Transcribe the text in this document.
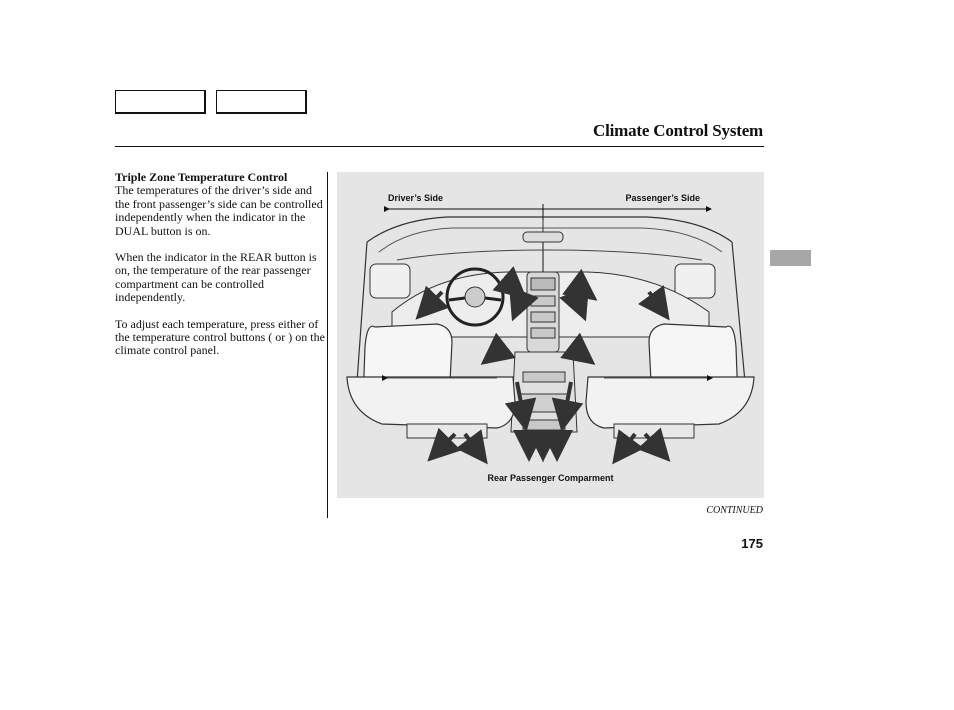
Climate Control System
Triple Zone Temperature Control

The temperatures of the driver’s side and the front passenger’s side can be controlled independently when the indicator in the DUAL button is on.

When the indicator in the REAR button is on, the temperature of the rear passenger compartment can be controlled independently.

To adjust each temperature, press either of the temperature control buttons ( or ) on the climate control panel.

Driver’s Side	Passenger’s Side
Rear Passenger Comparment
CONTINUED
175
